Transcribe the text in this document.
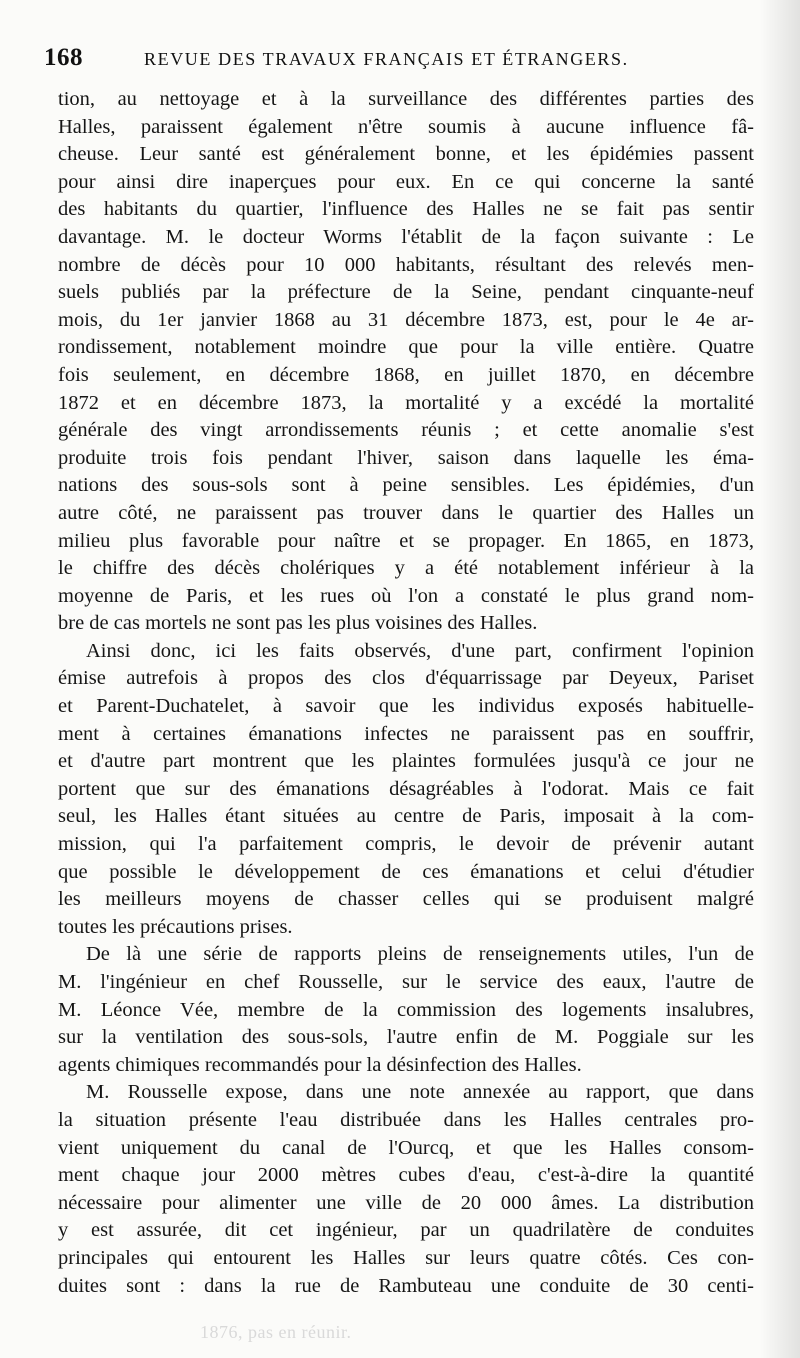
168	REVUE DES TRAVAUX FRANÇAIS ET ÉTRANGERS.
tion, au nettoyage et à la surveillance des différentes parties des
Halles, paraissent également n'être soumis à aucune influence fâ-
cheuse. Leur santé est généralement bonne, et les épidémies passent
pour ainsi dire inaperçues pour eux. En ce qui concerne la santé
des habitants du quartier, l'influence des Halles ne se fait pas sentir
davantage. M. le docteur Worms l'établit de la façon suivante : Le
nombre de décès pour 10 000 habitants, résultant des relevés men-
suels publiés par la préfecture de la Seine, pendant cinquante-neuf
mois, du 1er janvier 1868 au 31 décembre 1873, est, pour le 4e ar-
rondissement, notablement moindre que pour la ville entière. Quatre
fois seulement, en décembre 1868, en juillet 1870, en décembre
1872 et en décembre 1873, la mortalité y a excédé la mortalité
générale des vingt arrondissements réunis ; et cette anomalie s'est
produite trois fois pendant l'hiver, saison dans laquelle les éma-
nations des sous-sols sont à peine sensibles. Les épidémies, d'un
autre côté, ne paraissent pas trouver dans le quartier des Halles un
milieu plus favorable pour naître et se propager. En 1865, en 1873,
le chiffre des décès cholériques y a été notablement inférieur à la
moyenne de Paris, et les rues où l'on a constaté le plus grand nom-
bre de cas mortels ne sont pas les plus voisines des Halles.
Ainsi donc, ici les faits observés, d'une part, confirment l'opinion
émise autrefois à propos des clos d'équarrissage par Deyeux, Pariset
et Parent-Duchatelet, à savoir que les individus exposés habituelle-
ment à certaines émanations infectes ne paraissent pas en souffrir,
et d'autre part montrent que les plaintes formulées jusqu'à ce jour ne
portent que sur des émanations désagréables à l'odorat. Mais ce fait
seul, les Halles étant situées au centre de Paris, imposait à la com-
mission, qui l'a parfaitement compris, le devoir de prévenir autant
que possible le développement de ces émanations et celui d'étudier
les meilleurs moyens de chasser celles qui se produisent malgré
toutes les précautions prises.
De là une série de rapports pleins de renseignements utiles, l'un de
M. l'ingénieur en chef Rousselle, sur le service des eaux, l'autre de
M. Léonce Vée, membre de la commission des logements insalubres,
sur la ventilation des sous-sols, l'autre enfin de M. Poggiale sur les
agents chimiques recommandés pour la désinfection des Halles.
M. Rousselle expose, dans une note annexée au rapport, que dans
la situation présente l'eau distribuée dans les Halles centrales pro-
vient uniquement du canal de l'Ourcq, et que les Halles consom-
ment chaque jour 2000 mètres cubes d'eau, c'est-à-dire la quantité
nécessaire pour alimenter une ville de 20 000 âmes. La distribution
y est assurée, dit cet ingénieur, par un quadrilatère de conduites
principales qui entourent les Halles sur leurs quatre côtés. Ces con-
duites sont : dans la rue de Rambuteau une conduite de 30 centi-
1876, pas en réunir.
